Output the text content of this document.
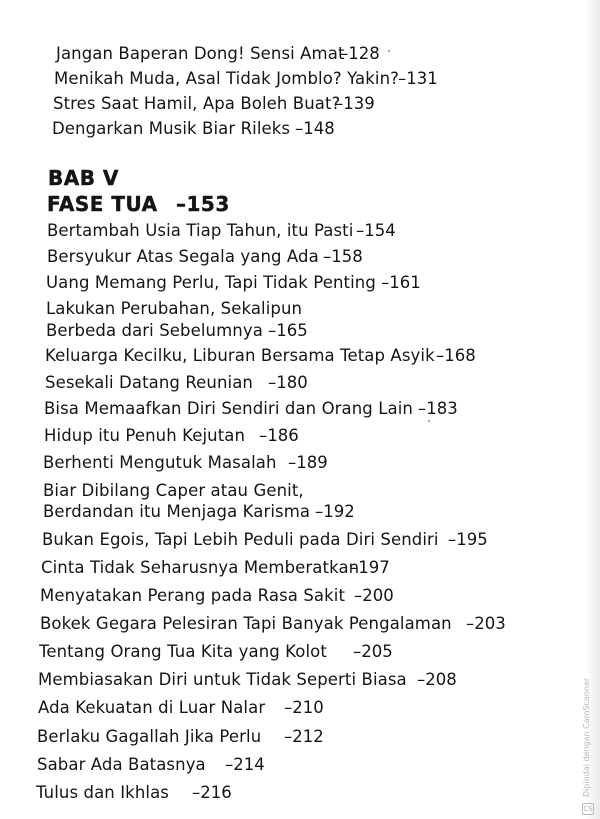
Jangan Baperan Dong! Sensi Amat
–128
Menikah Muda, Asal Tidak Jomblo? Yakin?
–131
Stres Saat Hamil, Apa Boleh Buat?
–139
Dengarkan Musik Biar Rileks –148
BAB V
FASE TUA –153
Bertambah Usia Tiap Tahun, itu Pasti –154
Bersyukur Atas Segala yang Ada –158
Uang Memang Perlu, Tapi Tidak Penting –161
Lakukan Perubahan, Sekalipun
Berbeda dari Sebelumnya –165
Keluarga Kecilku, Liburan Bersama Tetap Asyik –168
Sesekali Datang Reunian –180
Bisa Memaafkan Diri Sendiri dan Orang Lain –183
Hidup itu Penuh Kejutan –186
Berhenti Mengutuk Masalah –189
Biar Dibilang Caper atau Genit,
Berdandan itu Menjaga Karisma –192
Bukan Egois, Tapi Lebih Peduli pada Diri Sendiri –195
Cinta Tidak Seharusnya Memberatkan
–197
Menyatakan Perang pada Rasa Sakit –200
Bokek Gegara Pelesiran Tapi Banyak Pengalaman –203
Tentang Orang Tua Kita yang Kolot –205
Membiasakan Diri untuk Tidak Seperti Biasa –208
Ada Kekuatan di Luar Nalar –210
Berlaku Gagallah Jika Perlu –212
Sabar Ada Batasnya –214
Tulus dan Ikhlas –216	Dipindai dengan CamScanner
CS
